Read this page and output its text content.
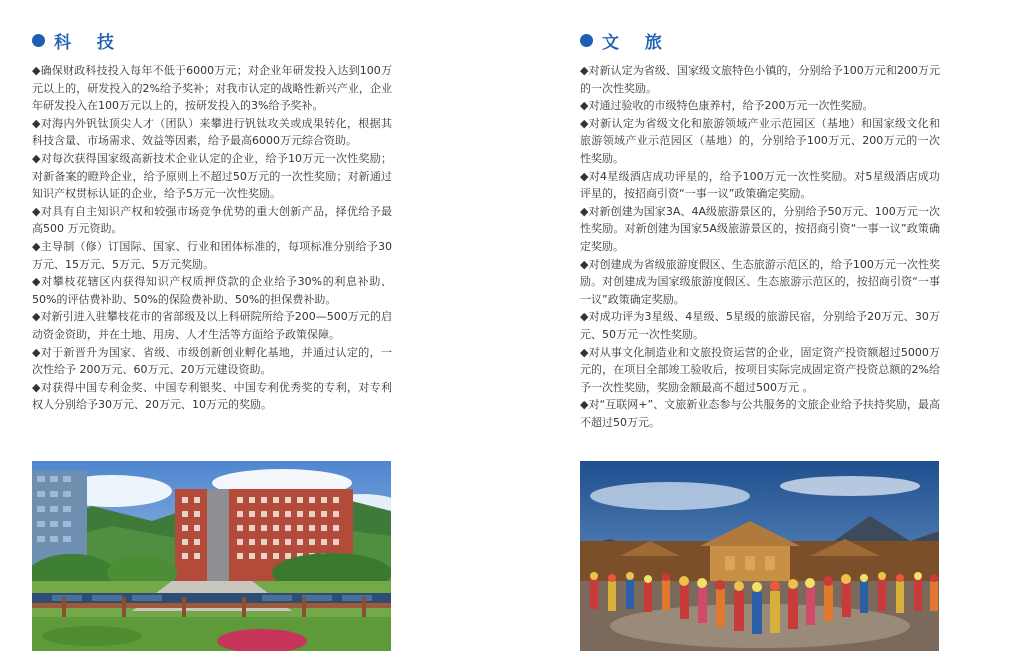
科 技

◆确保财政科技投入每年不低于6000万元；对企业年研发投入达到100万元以上的，研发投入的2%给予奖补；对我市认定的战略性新兴产业，企业年研发投入在100万元以上的，按研发投入的3%给予奖补。

◆对海内外钒钛顶尖人才（团队）来攀进行钒钛攻关或成果转化，根据其科技含量、市场需求、效益等因素，给予最高6000万元综合资助。

◆对每次获得国家级高新技术企业认定的企业，给予10万元一次性奖励；对新备案的瞪羚企业，给予原则上不超过50万元的一次性奖励；对新通过知识产权贯标认证的企业，给予5万元一次性奖励。

◆对具有自主知识产权和较强市场竞争优势的重大创新产品，择优给予最高500 万元资助。

◆主导制（修）订国际、国家、行业和团体标准的，每项标准分别给予30万元、15万元、5万元、5万元奖励。

◆对攀枝花辖区内获得知识产权质押贷款的企业给予30%的利息补助、50%的评估费补助、50%的保险费补助、50%的担保费补助。

◆对新引进入驻攀枝花市的省部级及以上科研院所给予200—500万元的启动资金资助，并在土地、用房、人才生活等方面给予政策保障。

◆对于新晋升为国家、省级、市级创新创业孵化基地，并通过认定的，一次性给予 200万元、60万元、20万元建设资助。

◆对获得中国专利金奖、中国专利银奖、中国专利优秀奖的专利，对专利权人分别给予30万元、20万元、10万元的奖励。

文 旅

◆对新认定为省级、国家级文旅特色小镇的，分别给予100万元和200万元的一次性奖励。

◆对通过验收的市级特色康养村，给予200万元一次性奖励。

◆对新认定为省级文化和旅游领域产业示范园区（基地）和国家级文化和旅游领域产业示范园区（基地）的，分别给予100万元、200万元的一次性奖励。

◆对4星级酒店成功评星的，给予100万元一次性奖励。对5星级酒店成功评星的，按招商引资“一事一议”政策确定奖励。

◆对新创建为国家3A、4A级旅游景区的，分别给予50万元、100万元一次性奖励。对新创建为国家5A级旅游景区的，按招商引资“一事一议”政策确定奖励。

◆对创建成为省级旅游度假区、生态旅游示范区的，给予100万元一次性奖励。对创建成为国家级旅游度假区、生态旅游示范区的，按招商引资“一事一议”政策确定奖励。

◆对成功评为3星级、4星级、5星级的旅游民宿，分别给予20万元、30万元、50万元一次性奖励。

◆对从事文化制造业和文旅投资运营的企业，固定资产投资额超过5000万元的，在项目全部竣工验收后，按项目实际完成固定资产投资总额的2%给予一次性奖励，奖励金额最高不超过500万元 。

◆对“互联网+”、文旅新业态参与公共服务的文旅企业给予扶持奖励，最高不超过50万元。
